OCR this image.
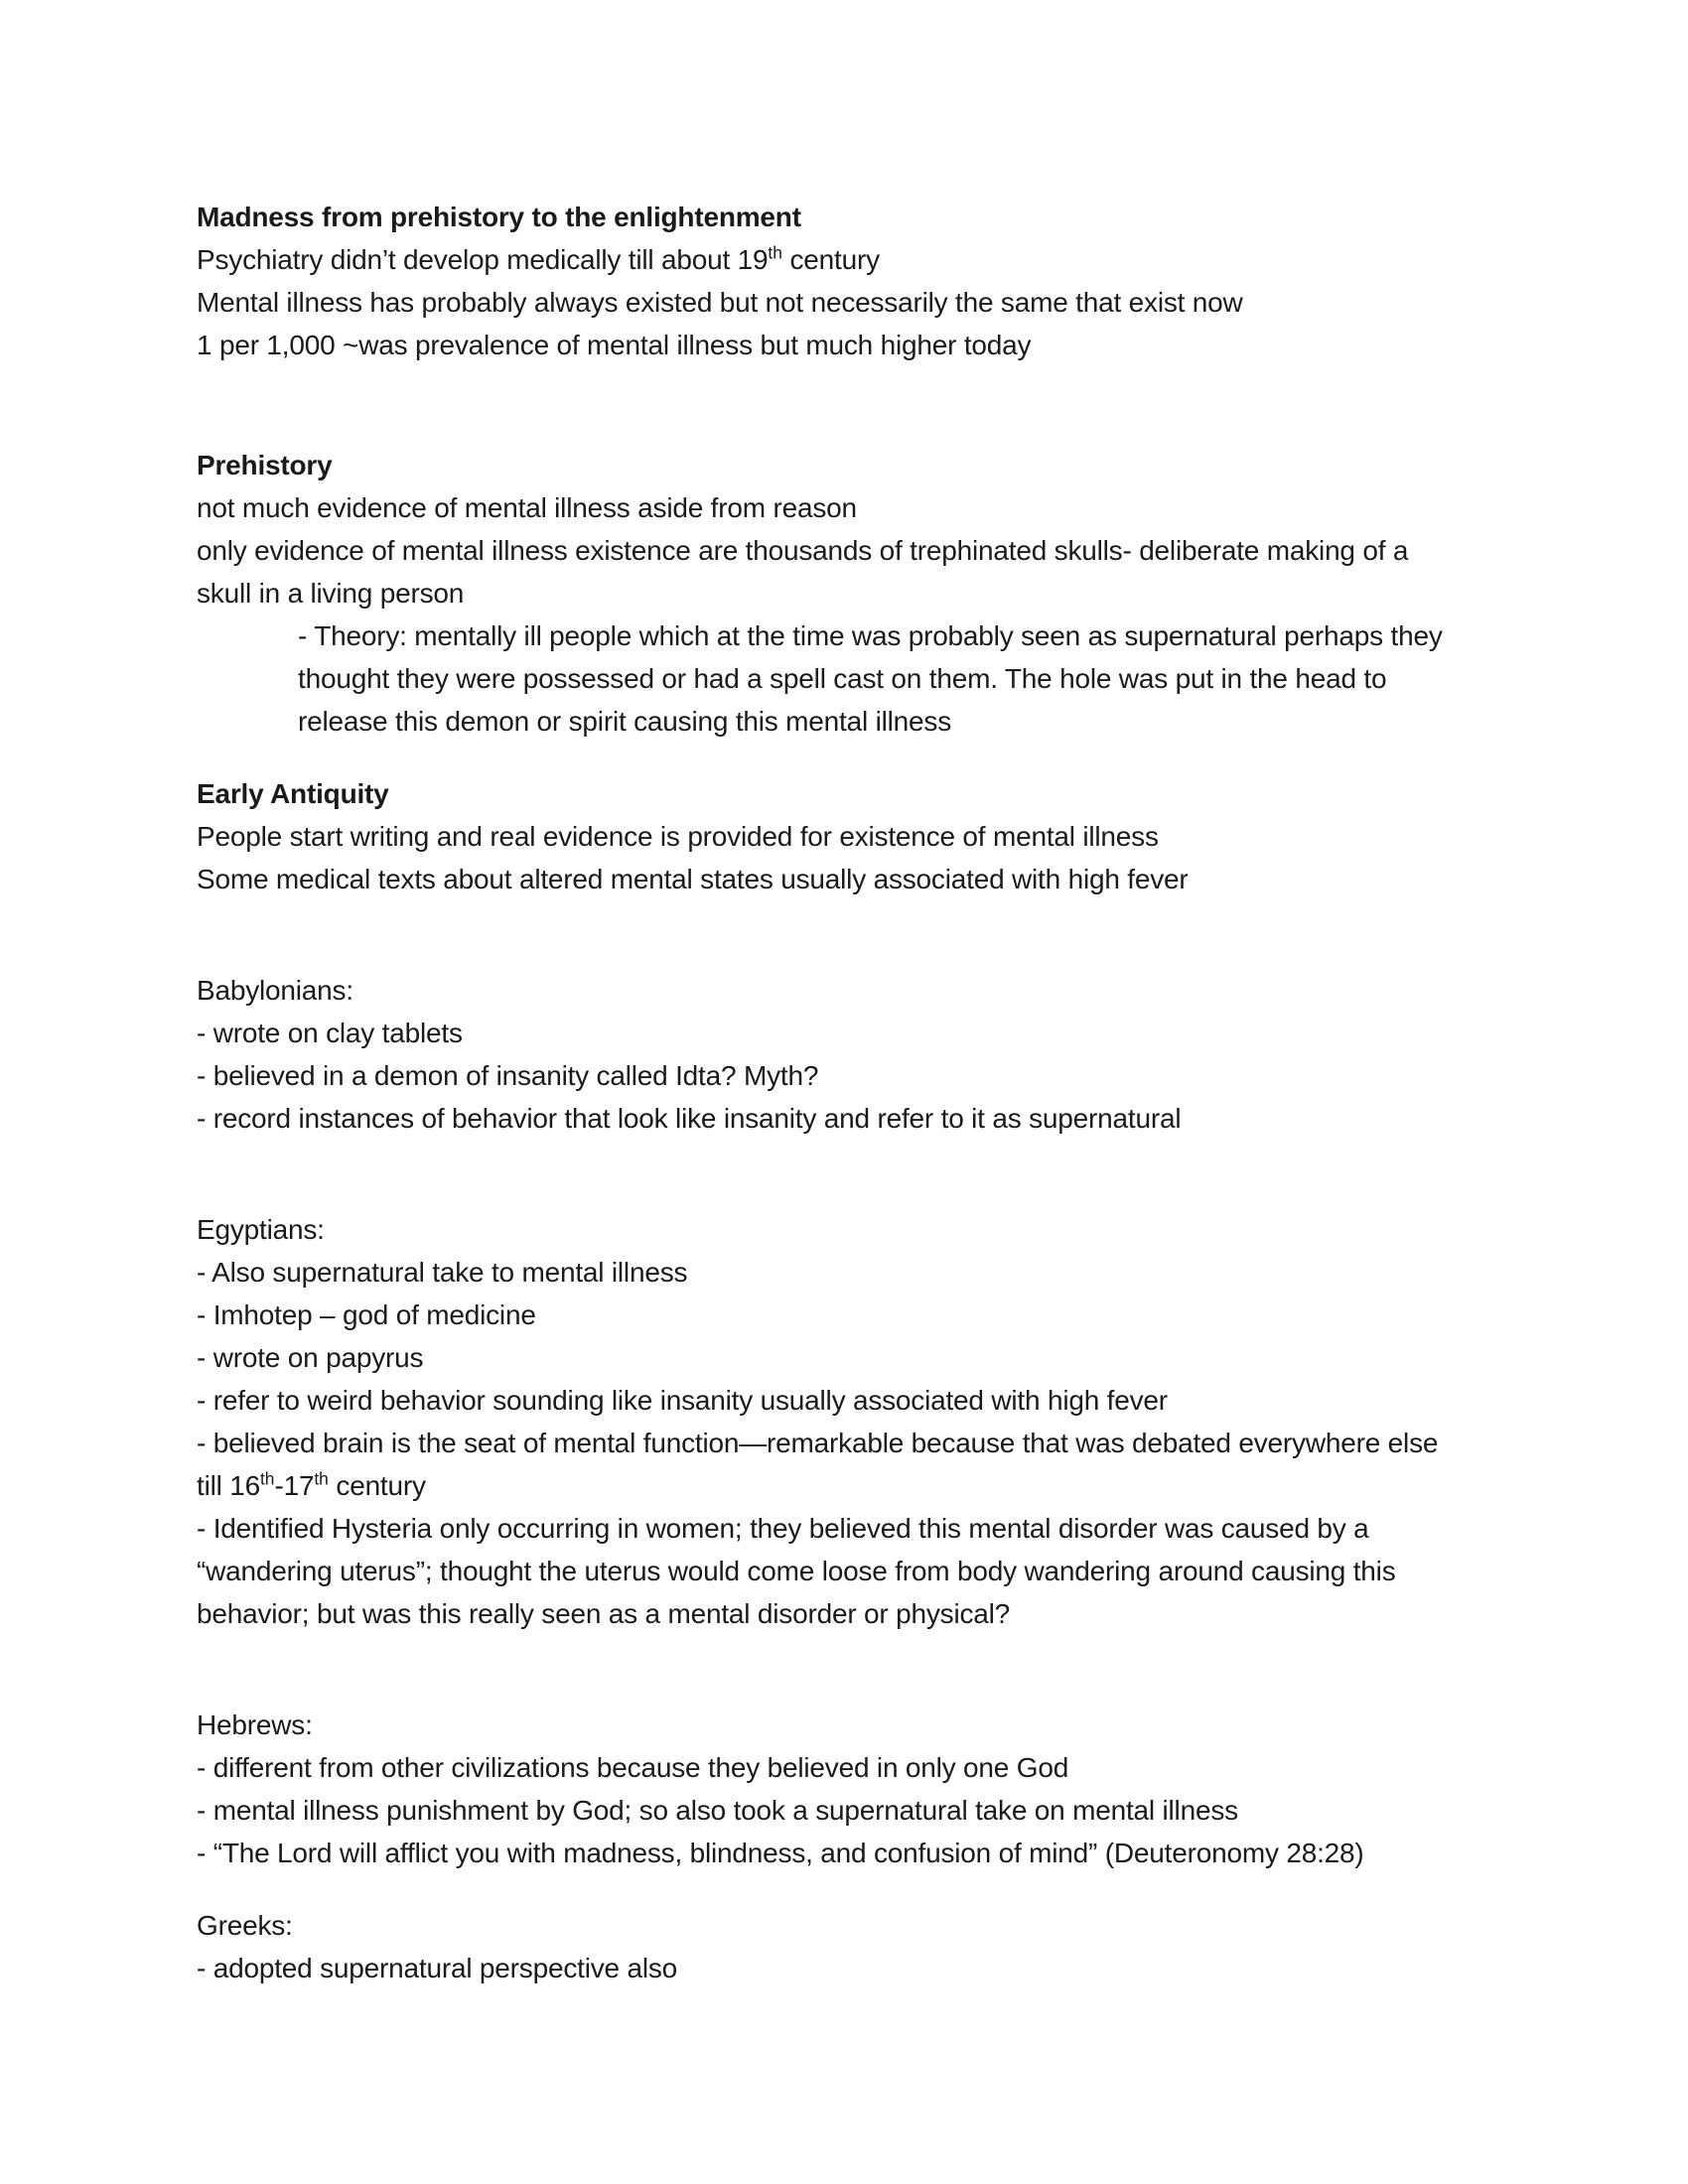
Madness from prehistory to the enlightenment
Psychiatry didn’t develop medically till about 19th century
Mental illness has probably always existed but not necessarily the same that exist now
1 per 1,000 ~was prevalence of mental illness but much higher today
Prehistory
not much evidence of mental illness aside from reason
only evidence of mental illness existence are thousands of trephinated skulls- deliberate making of a
skull in a living person
- Theory: mentally ill people which at the time was probably seen as supernatural perhaps they
thought they were possessed or had a spell cast on them. The hole was put in the head to
release this demon or spirit causing this mental illness
Early Antiquity
People start writing and real evidence is provided for existence of mental illness
Some medical texts about altered mental states usually associated with high fever
Babylonians:
- wrote on clay tablets
- believed in a demon of insanity called Idta? Myth?
- record instances of behavior that look like insanity and refer to it as supernatural
Egyptians:
- Also supernatural take to mental illness
- Imhotep – god of medicine
- wrote on papyrus
- refer to weird behavior sounding like insanity usually associated with high fever
- believed brain is the seat of mental function—remarkable because that was debated everywhere else
till 16th-17th century
- Identified Hysteria only occurring in women; they believed this mental disorder was caused by a
“wandering uterus”; thought the uterus would come loose from body wandering around causing this
behavior; but was this really seen as a mental disorder or physical?
Hebrews:
- different from other civilizations because they believed in only one God
- mental illness punishment by God; so also took a supernatural take on mental illness
- “The Lord will afflict you with madness, blindness, and confusion of mind” (Deuteronomy 28:28)
Greeks:
- adopted supernatural perspective also
